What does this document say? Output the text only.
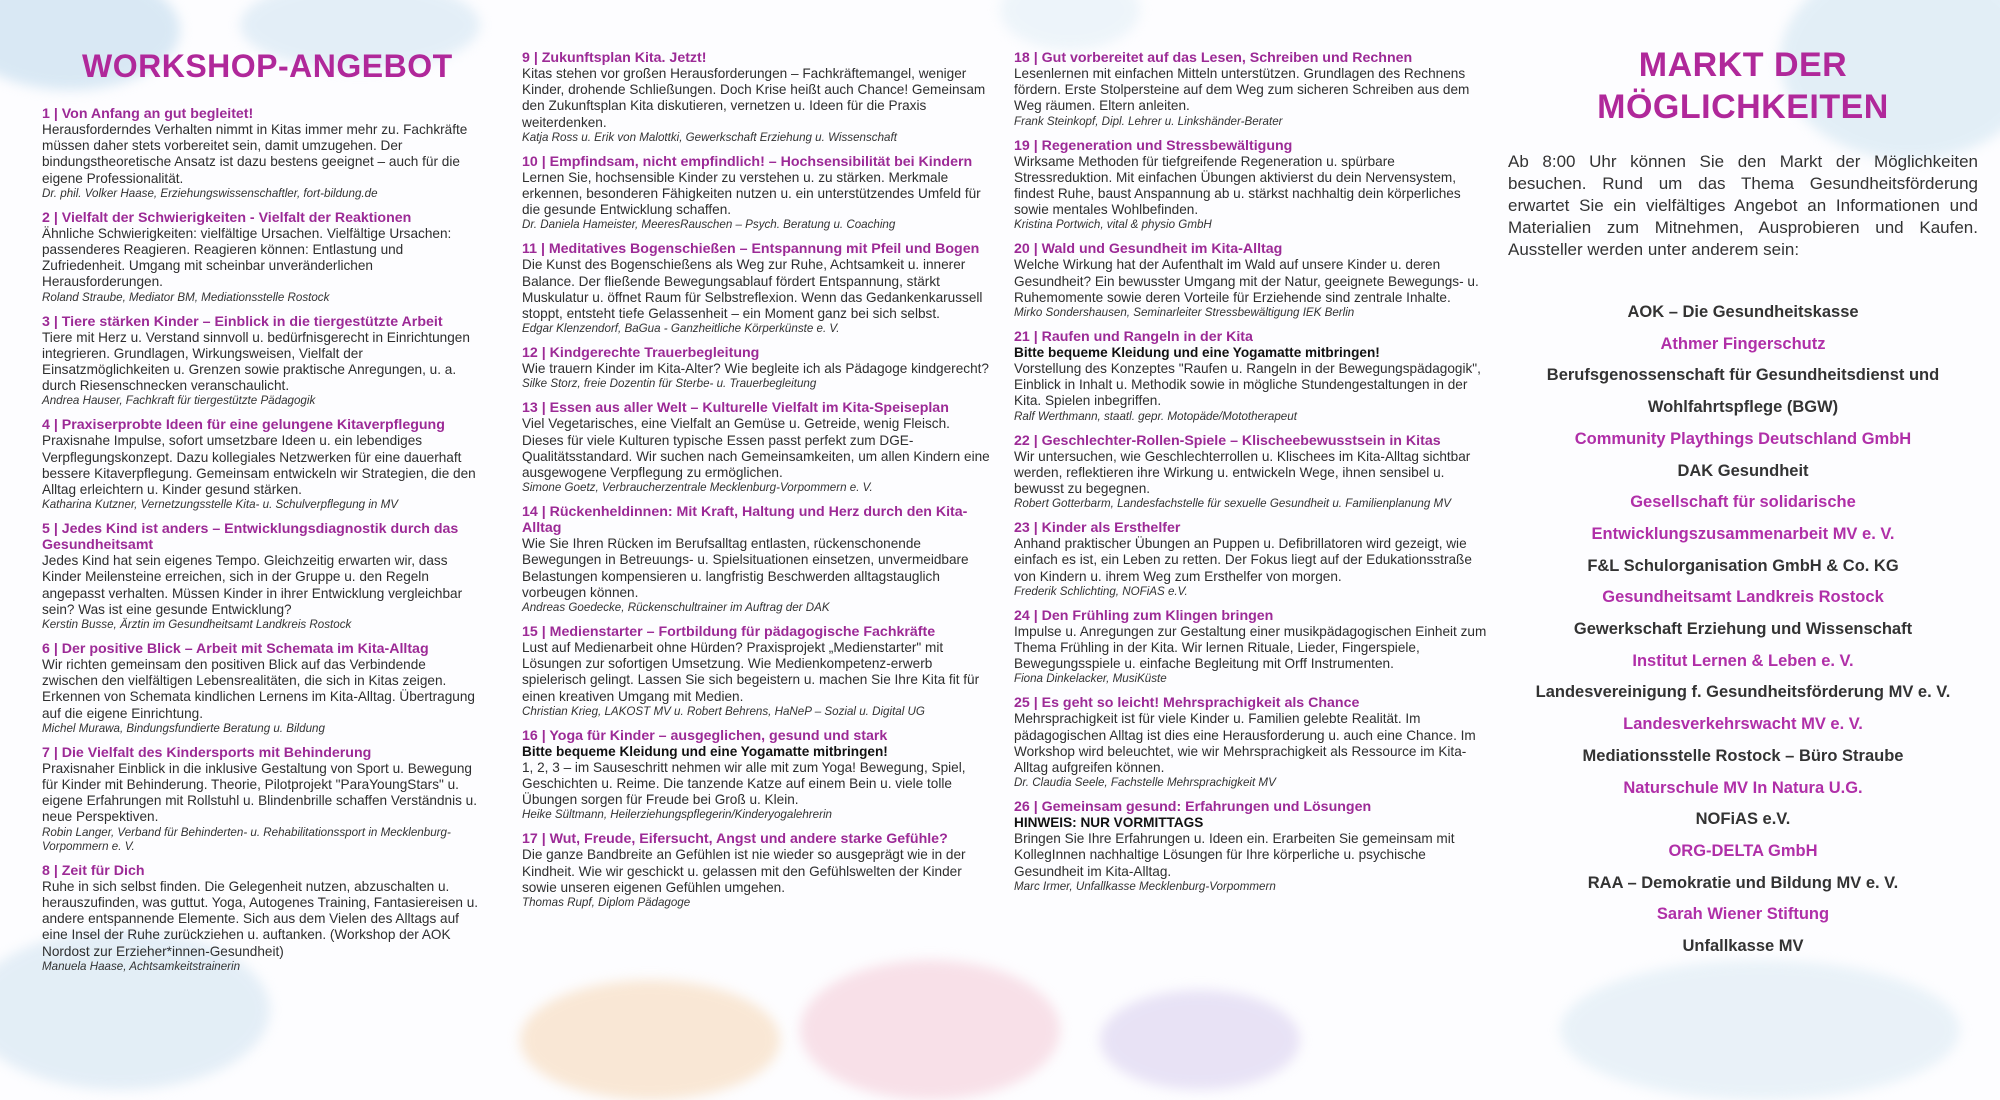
WORKSHOP-ANGEBOT
1 | Von Anfang an gut begleitet!
Herausforderndes Verhalten nimmt in Kitas immer mehr zu. Fachkräfte müssen daher stets vorbereitet sein, damit umzugehen. Der bindungstheoretische Ansatz ist dazu bestens geeignet – auch für die eigene Professionalität.
Dr. phil. Volker Haase, Erziehungswissenschaftler, fort-bildung.de
2 | Vielfalt der Schwierigkeiten - Vielfalt der Reaktionen
Ähnliche Schwierigkeiten: vielfältige Ursachen. Vielfältige Ursachen: passenderes Reagieren. Reagieren können: Entlastung und Zufriedenheit. Umgang mit scheinbar unveränderlichen Herausforderungen.
Roland Straube, Mediator BM, Mediationsstelle Rostock
3 | Tiere stärken Kinder – Einblick in die tiergestützte Arbeit
Tiere mit Herz u. Verstand sinnvoll u. bedürfnisgerecht in Einrichtungen integrieren. Grundlagen, Wirkungsweisen, Vielfalt der Einsatzmöglichkeiten u. Grenzen sowie praktische Anregungen, u. a. durch Riesenschnecken veranschaulicht.
Andrea Hauser, Fachkraft für tiergestützte Pädagogik
4 | Praxiserprobte Ideen für eine gelungene Kitaverpflegung
Praxisnahe Impulse, sofort umsetzbare Ideen u. ein lebendiges Verpflegungskonzept. Dazu kollegiales Netzwerken für eine dauerhaft bessere Kitaverpflegung. Gemeinsam entwickeln wir Strategien, die den Alltag erleichtern u. Kinder gesund stärken.
Katharina Kutzner, Vernetzungsstelle Kita- u. Schulverpflegung in MV
5 | Jedes Kind ist anders – Entwicklungsdiagnostik durch das Gesundheitsamt
Jedes Kind hat sein eigenes Tempo. Gleichzeitig erwarten wir, dass Kinder Meilensteine erreichen, sich in der Gruppe u. den Regeln angepasst verhalten. Müssen Kinder in ihrer Entwicklung vergleichbar sein? Was ist eine gesunde Entwicklung?
Kerstin Busse, Ärztin im Gesundheitsamt Landkreis Rostock
6 | Der positive Blick – Arbeit mit Schemata im Kita-Alltag
Wir richten gemeinsam den positiven Blick auf das Verbindende zwischen den vielfältigen Lebensrealitäten, die sich in Kitas zeigen. Erkennen von Schemata kindlichen Lernens im Kita-Alltag. Übertragung auf die eigene Einrichtung.
Michel Murawa, Bindungsfundierte Beratung u. Bildung
7 | Die Vielfalt des Kindersports mit Behinderung
Praxisnaher Einblick in die inklusive Gestaltung von Sport u. Bewegung für Kinder mit Behinderung. Theorie, Pilotprojekt "ParaYoungStars" u. eigene Erfahrungen mit Rollstuhl u. Blindenbrille schaffen Verständnis u. neue Perspektiven.
Robin Langer, Verband für Behinderten- u. Rehabilitationssport in Mecklenburg-Vorpommern e. V.
8 | Zeit für Dich
Ruhe in sich selbst finden. Die Gelegenheit nutzen, abzuschalten u. herauszufinden, was guttut. Yoga, Autogenes Training, Fantasiereisen u. andere entspannende Elemente. Sich aus dem Vielen des Alltags auf eine Insel der Ruhe zurückziehen u. auftanken. (Workshop der AOK Nordost zur Erzieher*innen-Gesundheit)
Manuela Haase, Achtsamkeitstrainerin
9 | Zukunftsplan Kita. Jetzt!
Kitas stehen vor großen Herausforderungen – Fachkräftemangel, weniger Kinder, drohende Schließungen. Doch Krise heißt auch Chance! Gemeinsam den Zukunftsplan Kita diskutieren, vernetzen u. Ideen für die Praxis weiterdenken.
Katja Ross u. Erik von Malottki, Gewerkschaft Erziehung u. Wissenschaft
10 | Empfindsam, nicht empfindlich! – Hochsensibilität bei Kindern
Lernen Sie, hochsensible Kinder zu verstehen u. zu stärken. Merkmale erkennen, besonderen Fähigkeiten nutzen u. ein unterstützendes Umfeld für die gesunde Entwicklung schaffen.
Dr. Daniela Hameister, MeeresRauschen – Psych. Beratung u. Coaching
11 | Meditatives Bogenschießen – Entspannung mit Pfeil und Bogen
Die Kunst des Bogenschießens als Weg zur Ruhe, Achtsamkeit u. innerer Balance. Der fließende Bewegungsablauf fördert Entspannung, stärkt Muskulatur u. öffnet Raum für Selbstreflexion. Wenn das Gedankenkarussell stoppt, entsteht tiefe Gelassenheit – ein Moment ganz bei sich selbst.
Edgar Klenzendorf, BaGua - Ganzheitliche Körperkünste e. V.
12 | Kindgerechte Trauerbegleitung
Wie trauern Kinder im Kita-Alter? Wie begleite ich als Pädagoge kindgerecht?
Silke Storz, freie Dozentin für Sterbe- u. Trauerbegleitung
13 | Essen aus aller Welt – Kulturelle Vielfalt im Kita-Speiseplan
Viel Vegetarisches, eine Vielfalt an Gemüse u. Getreide, wenig Fleisch. Dieses für viele Kulturen typische Essen passt perfekt zum DGE-Qualitätsstandard. Wir suchen nach Gemeinsamkeiten, um allen Kindern eine ausgewogene Verpflegung zu ermöglichen.
Simone Goetz, Verbraucherzentrale Mecklenburg-Vorpommern e. V.
14 | Rückenheldinnen: Mit Kraft, Haltung und Herz durch den Kita-Alltag
Wie Sie Ihren Rücken im Berufsalltag entlasten, rückenschonende Bewegungen in Betreuungs- u. Spielsituationen einsetzen, unvermeidbare Belastungen kompensieren u. langfristig Beschwerden alltagstauglich vorbeugen können.
Andreas Goedecke, Rückenschultrainer im Auftrag der DAK
15 | Medienstarter – Fortbildung für pädagogische Fachkräfte
Lust auf Medienarbeit ohne Hürden? Praxisprojekt „Medienstarter" mit Lösungen zur sofortigen Umsetzung. Wie Medienkompetenz-erwerb spielerisch gelingt. Lassen Sie sich begeistern u. machen Sie Ihre Kita fit für einen kreativen Umgang mit Medien.
Christian Krieg, LAKOST MV u. Robert Behrens, HaNeP – Sozial u. Digital UG
16 | Yoga für Kinder – ausgeglichen, gesund und stark
Bitte bequeme Kleidung und eine Yogamatte mitbringen!
1, 2, 3 – im Sauseschritt nehmen wir alle mit zum Yoga! Bewegung, Spiel, Geschichten u. Reime. Die tanzende Katze auf einem Bein u. viele tolle Übungen sorgen für Freude bei Groß u. Klein.
Heike Sültmann, Heilerziehungspflegerin/Kinderyogalehrerin
17 | Wut, Freude, Eifersucht, Angst und andere starke Gefühle?
Die ganze Bandbreite an Gefühlen ist nie wieder so ausgeprägt wie in der Kindheit. Wie wir geschickt u. gelassen mit den Gefühlswelten der Kinder sowie unseren eigenen Gefühlen umgehen.
Thomas Rupf, Diplom Pädagoge
18 | Gut vorbereitet auf das Lesen, Schreiben und Rechnen
Lesenlernen mit einfachen Mitteln unterstützen. Grundlagen des Rechnens fördern. Erste Stolpersteine auf dem Weg zum sicheren Schreiben aus dem Weg räumen. Eltern anleiten.
Frank Steinkopf, Dipl. Lehrer u. Linkshänder-Berater
19 | Regeneration und Stressbewältigung
Wirksame Methoden für tiefgreifende Regeneration u. spürbare Stressreduktion. Mit einfachen Übungen aktivierst du dein Nervensystem, findest Ruhe, baust Anspannung ab u. stärkst nachhaltig dein körperliches sowie mentales Wohlbefinden.
Kristina Portwich, vital & physio GmbH
20 | Wald und Gesundheit im Kita-Alltag
Welche Wirkung hat der Aufenthalt im Wald auf unsere Kinder u. deren Gesundheit? Ein bewusster Umgang mit der Natur, geeignete Bewegungs- u. Ruhemomente sowie deren Vorteile für Erziehende sind zentrale Inhalte.
Mirko Sondershausen, Seminarleiter Stressbewältigung IEK Berlin
21 | Raufen und Rangeln in der Kita
Bitte bequeme Kleidung und eine Yogamatte mitbringen!
Vorstellung des Konzeptes "Raufen u. Rangeln in der Bewegungspädagogik", Einblick in Inhalt u. Methodik sowie in mögliche Stundengestaltungen in der Kita. Spielen inbegriffen.
Ralf Werthmann, staatl. gepr. Motopäde/Mototherapeut
22 | Geschlechter-Rollen-Spiele – Klischeebewusstsein in Kitas
Wir untersuchen, wie Geschlechterrollen u. Klischees im Kita-Alltag sichtbar werden, reflektieren ihre Wirkung u. entwickeln Wege, ihnen sensibel u. bewusst zu begegnen.
Robert Gotterbarm, Landesfachstelle für sexuelle Gesundheit u. Familienplanung MV
23 | Kinder als Ersthelfer
Anhand praktischer Übungen an Puppen u. Defibrillatoren wird gezeigt, wie einfach es ist, ein Leben zu retten. Der Fokus liegt auf der Edukationsstraße von Kindern u. ihrem Weg zum Ersthelfer von morgen.
Frederik Schlichting, NOFiAS e.V.
24 | Den Frühling zum Klingen bringen
Impulse u. Anregungen zur Gestaltung einer musikpädagogischen Einheit zum Thema Frühling in der Kita. Wir lernen Rituale, Lieder, Fingerspiele, Bewegungsspiele u. einfache Begleitung mit Orff Instrumenten.
Fiona Dinkelacker, MusiKüste
25 | Es geht so leicht! Mehrsprachigkeit als Chance
Mehrsprachigkeit ist für viele Kinder u. Familien gelebte Realität. Im pädagogischen Alltag ist dies eine Herausforderung u. auch eine Chance. Im Workshop wird beleuchtet, wie wir Mehrsprachigkeit als Ressource im Kita-Alltag aufgreifen können.
Dr. Claudia Seele, Fachstelle Mehrsprachigkeit MV
26 | Gemeinsam gesund: Erfahrungen und Lösungen
HINWEIS: NUR VORMITTAGS
Bringen Sie Ihre Erfahrungen u. Ideen ein. Erarbeiten Sie gemeinsam mit KollegInnen nachhaltige Lösungen für Ihre körperliche u. psychische Gesundheit im Kita-Alltag.
Marc Irmer, Unfallkasse Mecklenburg-Vorpommern
MARKT DER
MÖGLICHKEITEN
Ab 8:00 Uhr können Sie den Markt der Möglichkeiten besuchen. Rund um das Thema Gesundheitsförderung erwartet Sie ein vielfältiges Angebot an Informationen und Materialien zum Mitnehmen, Ausprobieren und Kaufen. Aussteller werden unter anderem sein:
AOK – Die Gesundheitskasse
Athmer Fingerschutz
Berufsgenossenschaft für Gesundheitsdienst und
Wohlfahrtspflege (BGW)
Community Playthings Deutschland GmbH
DAK Gesundheit
Gesellschaft für solidarische
Entwicklungszusammenarbeit MV e. V.
F&L Schulorganisation GmbH & Co. KG
Gesundheitsamt Landkreis Rostock
Gewerkschaft Erziehung und Wissenschaft
Institut Lernen & Leben e. V.
Landesvereinigung f. Gesundheitsförderung MV e. V.
Landesverkehrswacht MV e. V.
Mediationsstelle Rostock – Büro Straube
Naturschule MV In Natura U.G.
NOFiAS e.V.
ORG-DELTA GmbH
RAA – Demokratie und Bildung MV e. V.
Sarah Wiener Stiftung
Unfallkasse MV
